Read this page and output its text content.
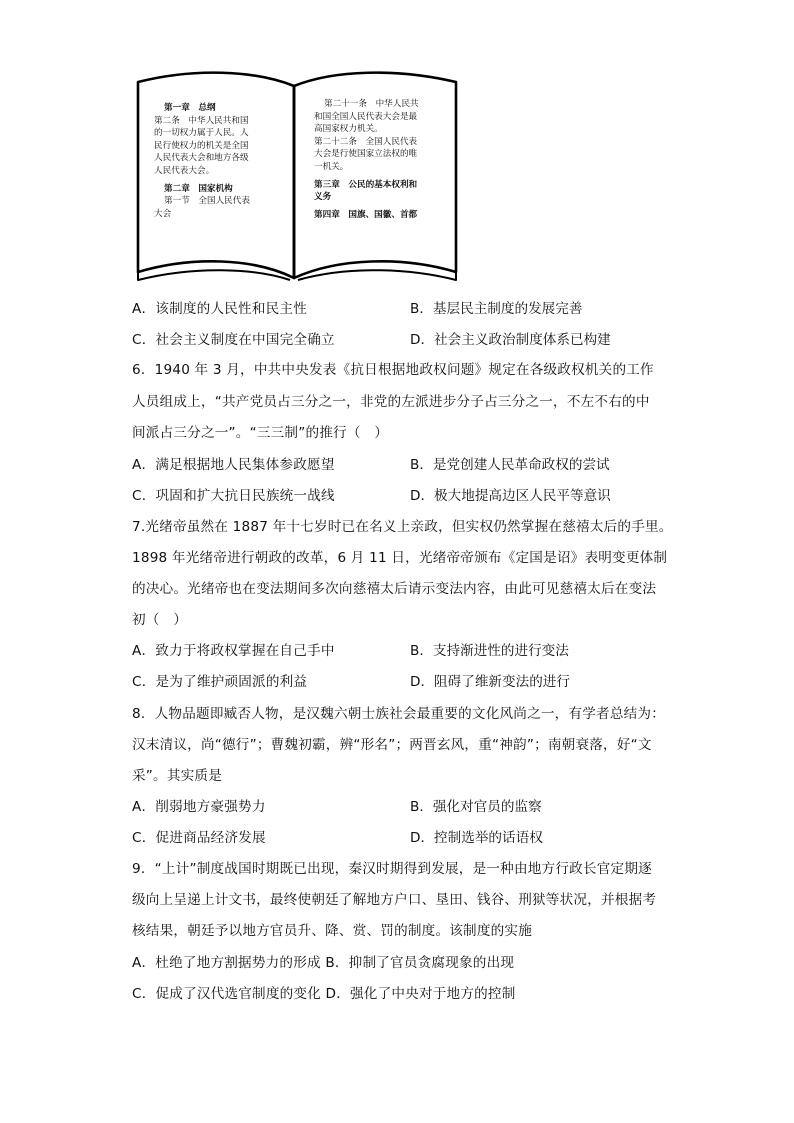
第一章　总纲
第二条　中华人民共和国
的一切权力属于人民。人
民行使权力的机关是全国
人民代表大会和地方各级
人民代表大会。
第二章　国家机构
第一节　全国人民代表
大会
第二十一条　中华人民共
和国全国人民代表大会是最
高国家权力机关。
第二十二条　全国人民代表
大会是行使国家立法权的唯
一机关。
第三章　公民的基本权利和
义务
第四章　国旗、国徽、首都
A．该制度的人民性和民主性	B．基层民主制度的发展完善
C．社会主义制度在中国完全确立	D．社会主义政治制度体系已构建
6．1940 年 3 月，中共中央发表《抗日根据地政权问题》规定在各级政权机关的工作
人员组成上，“共产党员占三分之一，非党的左派进步分子占三分之一，不左不右的中
间派占三分之一”。“三三制”的推行（　）
A．满足根据地人民集体参政愿望	B．是党创建人民革命政权的尝试
C．巩固和扩大抗日民族统一战线	D．极大地提高边区人民平等意识
7.光绪帝虽然在 1887 年十七岁时已在名义上亲政，但实权仍然掌握在慈禧太后的手里。
1898 年光绪帝进行朝政的改革，6 月 11 日，光绪帝帝颁布《定国是诏》表明变更体制
的决心。光绪帝也在变法期间多次向慈禧太后请示变法内容，由此可见慈禧太后在变法
初（　）
A．致力于将政权掌握在自己手中	B．支持渐进性的进行变法
C．是为了维护顽固派的利益	D．阻碍了维新变法的进行
8．人物品题即臧否人物，是汉魏六朝士族社会最重要的文化风尚之一，有学者总结为：
汉末清议，尚“德行”；曹魏初霸，辨“形名”；两晋玄风，重“神韵”；南朝衰落，好“文
采”。其实质是
A．削弱地方豪强势力	B．强化对官员的监察
C．促进商品经济发展	D．控制选举的话语权
9．“上计”制度战国时期既已出现，秦汉时期得到发展，是一种由地方行政长官定期逐
级向上呈递上计文书，最终使朝廷了解地方户口、垦田、钱谷、刑狱等状况，并根据考
核结果，朝廷予以地方官员升、降、赏、罚的制度。该制度的实施
A．杜绝了地方割据势力的形成 B．抑制了官员贪腐现象的出现
C．促成了汉代选官制度的变化 D．强化了中央对于地方的控制
